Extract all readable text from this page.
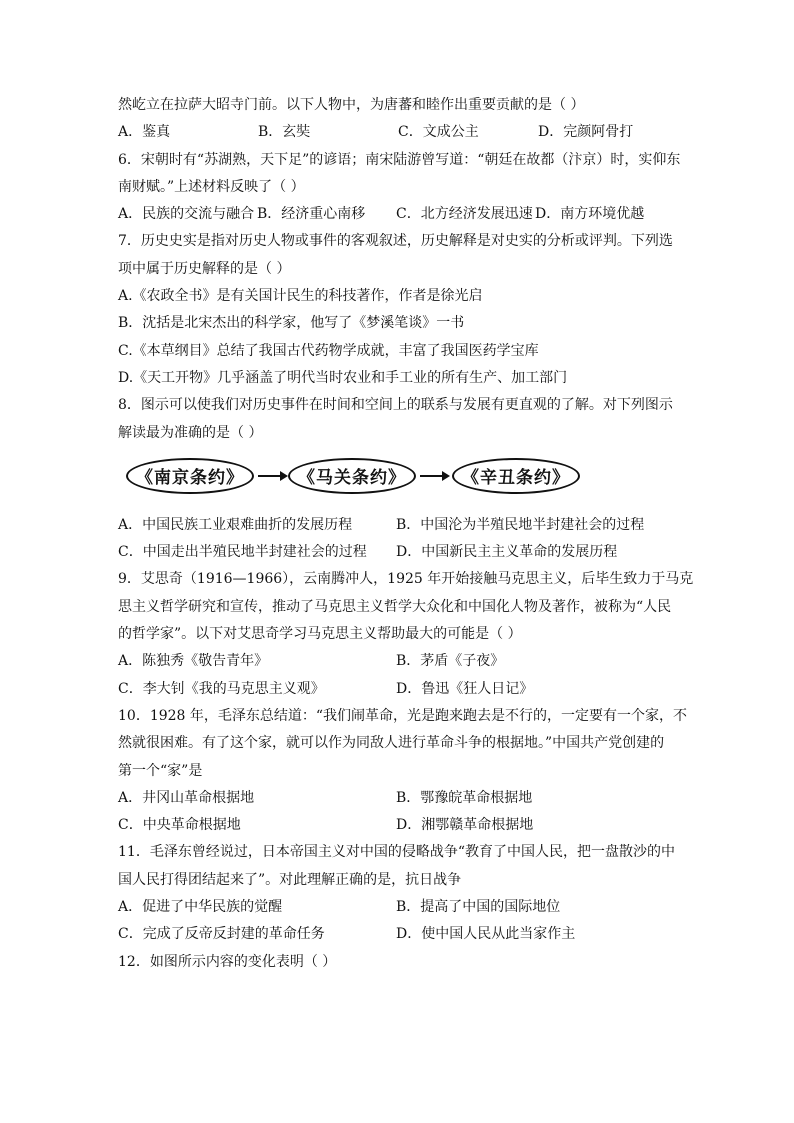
然屹立在拉萨大昭寺门前。以下人物中，为唐蕃和睦作出重要贡献的是（ ）
A．鉴真	B．玄奘	C．文成公主	D．完颜阿骨打
6．宋朝时有“苏湖熟，天下足”的谚语；南宋陆游曾写道：“朝廷在故都（汴京）时，实仰东
南财赋。”上述材料反映了（ ）
A．民族的交流与融合 B．经济重心南移	C．北方经济发展迅速 D．南方环境优越
7．历史史实是指对历史人物或事件的客观叙述，历史解释是对史实的分析或评判。下列选
项中属于历史解释的是（ ）
A.《农政全书》是有关国计民生的科技著作，作者是徐光启
B．沈括是北宋杰出的科学家，他写了《梦溪笔谈》一书
C.《本草纲目》总结了我国古代药物学成就，丰富了我国医药学宝库
D.《天工开物》几乎涵盖了明代当时农业和手工业的所有生产、加工部门
8．图示可以使我们对历史事件在时间和空间上的联系与发展有更直观的了解。对下列图示
解读最为准确的是（ ）
《南京条约》	《马关条约》	《辛丑条约》
A．中国民族工业艰难曲折的发展历程	B．中国沦为半殖民地半封建社会的过程
C．中国走出半殖民地半封建社会的过程	D．中国新民主主义革命的发展历程
9．艾思奇（1916—1966），云南腾冲人，1925 年开始接触马克思主义，后毕生致力于马克
思主义哲学研究和宣传，推动了马克思主义哲学大众化和中国化人物及著作，被称为“人民
的哲学家”。以下对艾思奇学习马克思主义帮助最大的可能是（ ）
A．陈独秀《敬告青年》	B．茅盾《子夜》
C．李大钊《我的马克思主义观》	D．鲁迅《狂人日记》
10．1928 年，毛泽东总结道：“我们闹革命，光是跑来跑去是不行的，一定要有一个家，不
然就很困难。有了这个家，就可以作为同敌人进行革命斗争的根据地。”中国共产党创建的
第一个“家”是
A．井冈山革命根据地	B．鄂豫皖革命根据地
C．中央革命根据地	D．湘鄂赣革命根据地
11．毛泽东曾经说过，日本帝国主义对中国的侵略战争“教育了中国人民，把一盘散沙的中
国人民打得团结起来了”。对此理解正确的是，抗日战争
A．促进了中华民族的觉醒	B．提高了中国的国际地位
C．完成了反帝反封建的革命任务	D．使中国人民从此当家作主
12．如图所示内容的变化表明（ ）
